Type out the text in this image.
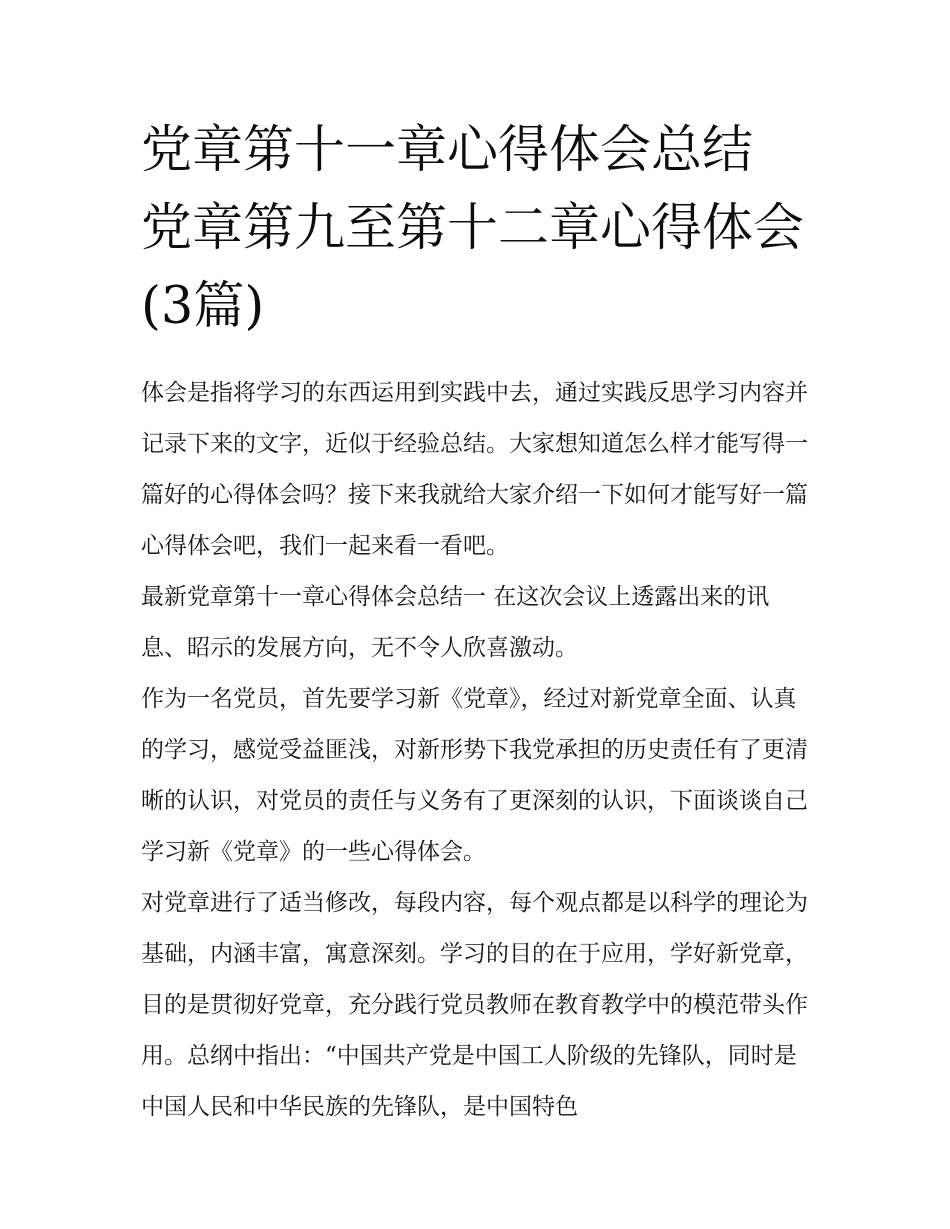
党章第十一章心得体会总结 党章第九至第十二章心得体会(3篇)

体会是指将学习的东西运用到实践中去，通过实践反思学习内容并记录下来的文字，近似于经验总结。大家想知道怎么样才能写得一篇好的心得体会吗？接下来我就给大家介绍一下如何才能写好一篇心得体会吧，我们一起来看一看吧。

最新党章第十一章心得体会总结一 在这次会议上透露出来的讯息、昭示的发展方向，无不令人欣喜激动。

作为一名党员，首先要学习新《党章》，经过对新党章全面、认真的学习，感觉受益匪浅，对新形势下我党承担的历史责任有了更清晰的认识，对党员的责任与义务有了更深刻的认识，下面谈谈自己学习新《党章》的一些心得体会。

对党章进行了适当修改，每段内容，每个观点都是以科学的理论为基础，内涵丰富，寓意深刻。学习的目的在于应用，学好新党章，目的是贯彻好党章，充分践行党员教师在教育教学中的模范带头作用。总纲中指出：“中国共产党是中国工人阶级的先锋队，同时是中国人民和中华民族的先锋队，是中国特色
